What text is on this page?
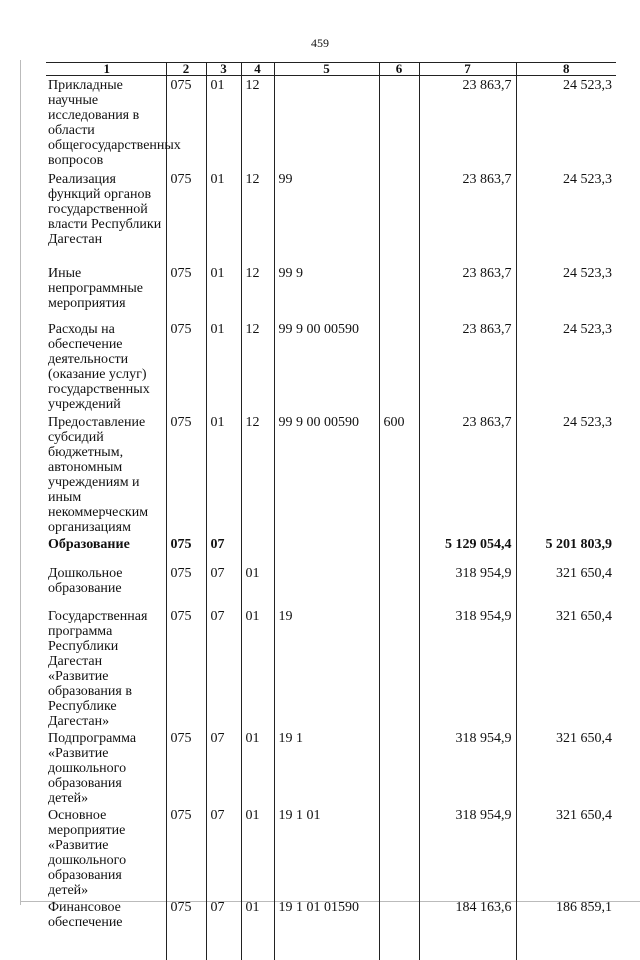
459
1	2	3	4	5	6	7	8
Прикладные научные исследования в области общегосударственных вопросов	075	01	12			23 863,7	24 523,3
Реализация функций органов государственной власти Республики Дагестан	075	01	12	99		23 863,7	24 523,3
Иные непрограммные мероприятия	075	01	12	99 9		23 863,7	24 523,3
Расходы на обеспечение деятельности (оказание услуг) государственных учреждений	075	01	12	99 9 00 00590		23 863,7	24 523,3
Предоставление субсидий бюджетным, автономным учреждениям и иным некоммерческим организациям	075	01	12	99 9 00 00590	600	23 863,7	24 523,3
Образование	075	07				5 129 054,4	5 201 803,9
Дошкольное образование	075	07	01			318 954,9	321 650,4
Государственная программа Республики Дагестан «Развитие образования в Республике Дагестан»	075	07	01	19		318 954,9	321 650,4
Подпрограмма «Развитие дошкольного образования детей»	075	07	01	19 1		318 954,9	321 650,4
Основное мероприятие «Развитие дошкольного образования детей»	075	07	01	19 1 01		318 954,9	321 650,4
Финансовое обеспечение	075	07	01	19 1 01 01590		184 163,6	186 859,1
